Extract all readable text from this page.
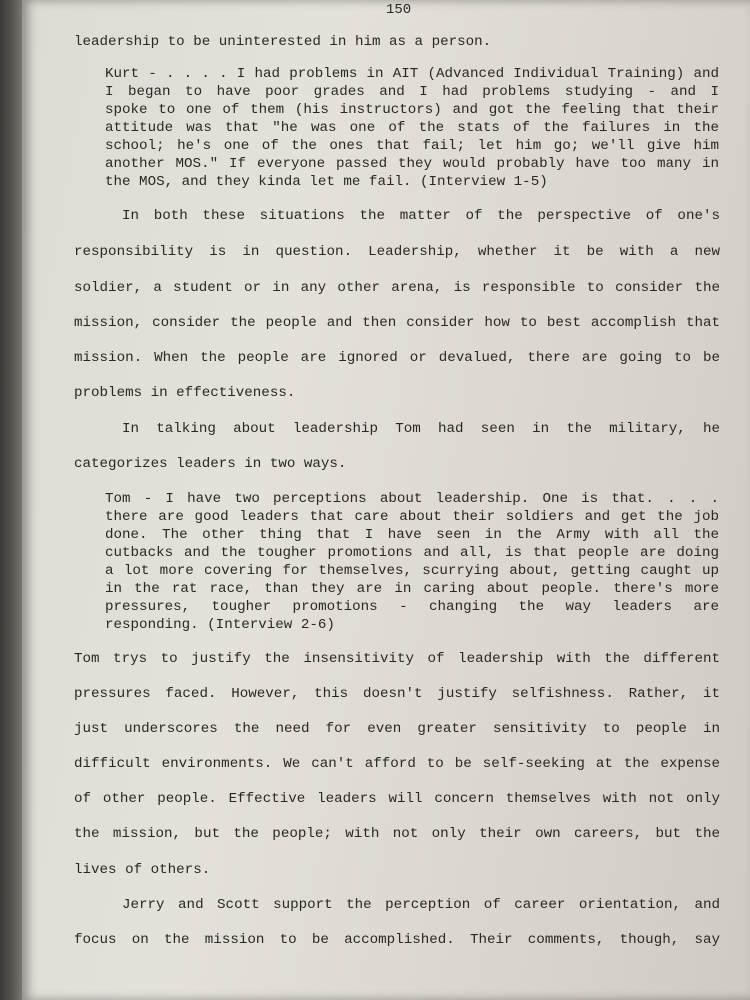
150
leadership to be uninterested in him as a person.
Kurt - . . . . I had problems in AIT (Advanced Individual Training) and
I began to have poor grades and I had problems studying - and I
spoke to one of them (his instructors) and got the feeling that their
attitude was that "he was one of the stats of the failures in the
school; he's one of the ones that fail; let him go; we'll give him
another MOS." If everyone passed they would probably have too many in
the MOS, and they kinda let me fail. (Interview 1-5)
In both these situations the matter of the perspective of one's
responsibility is in question. Leadership, whether it be with a new
soldier, a student or in any other arena, is responsible to consider the
mission, consider the people and then consider how to best accomplish that
mission. When the people are ignored or devalued, there are going to be
problems in effectiveness.
In talking about leadership Tom had seen in the military, he
categorizes leaders in two ways.
Tom - I have two perceptions about leadership. One is that. . . .
there are good leaders that care about their soldiers and get the job
done. The other thing that I have seen in the Army with all the
cutbacks and the tougher promotions and all, is that people are doing
a lot more covering for themselves, scurrying about, getting caught up
in the rat race, than they are in caring about people. there's more
pressures, tougher promotions - changing the way leaders are
responding. (Interview 2-6)
Tom trys to justify the insensitivity of leadership with the different
pressures faced. However, this doesn't justify selfishness. Rather, it
just underscores the need for even greater sensitivity to people in
difficult environments. We can't afford to be self-seeking at the expense
of other people. Effective leaders will concern themselves with not only
the mission, but the people; with not only their own careers, but the
lives of others.
Jerry and Scott support the perception of career orientation, and
focus on the mission to be accomplished. Their comments, though, say
